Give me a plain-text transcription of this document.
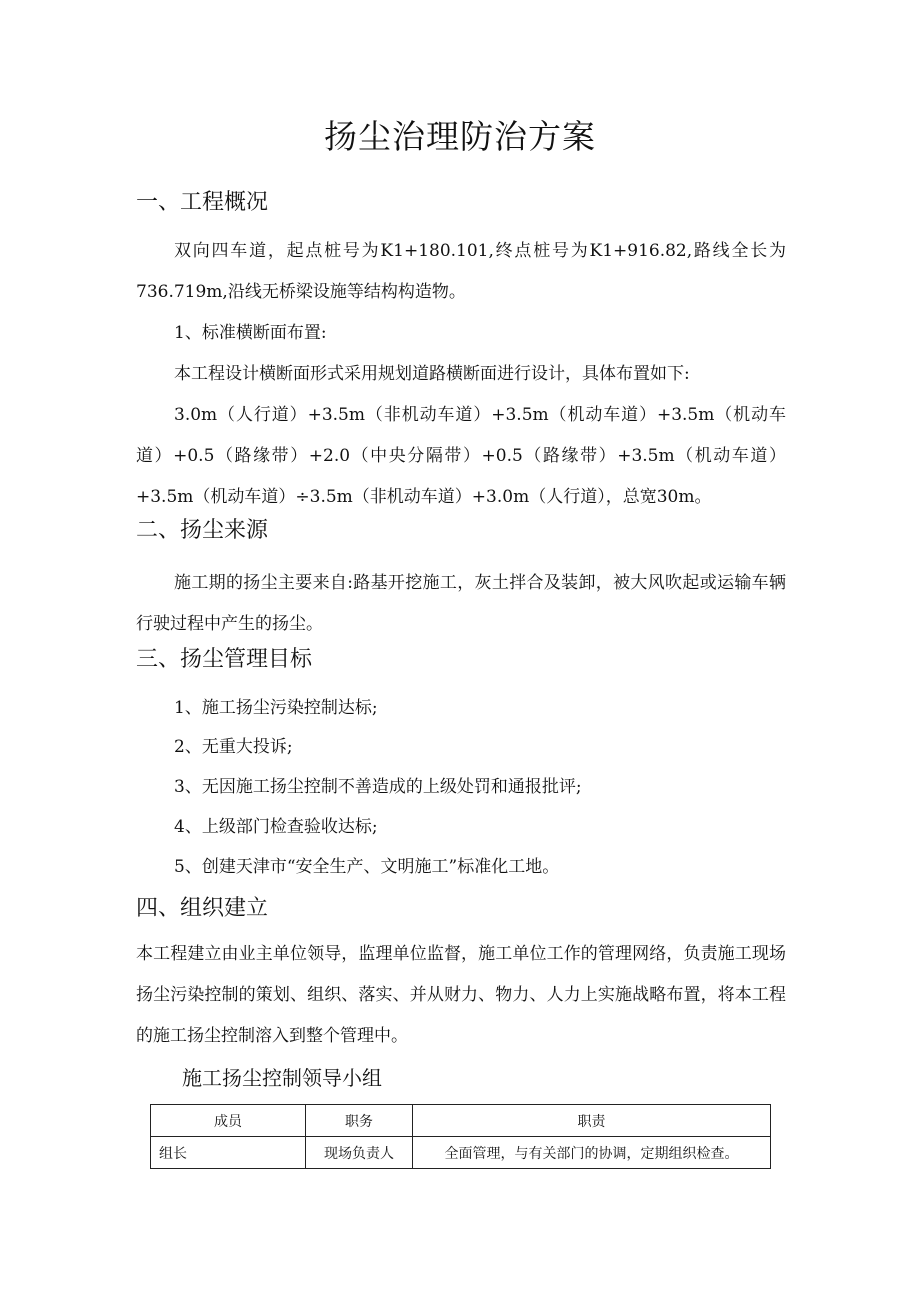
扬尘治理防治方案
一、工程概况
双向四车道，起点桩号为K1+180.101,终点桩号为K1+916.82,路线全长为736.719m,沿线无桥梁设施等结构构造物。
1、标准横断面布置:
本工程设计横断面形式采用规划道路横断面进行设计，具体布置如下:
3.0m（人行道）+3.5m（非机动车道）+3.5m（机动车道）+3.5m（机动车道）+0.5（路缘带）+2.0（中央分隔带）+0.5（路缘带）+3.5m（机动车道）+3.5m（机动车道）÷3.5m（非机动车道）+3.0m（人行道），总宽30m。
二、扬尘来源
施工期的扬尘主要来自:路基开挖施工，灰土拌合及装卸，被大风吹起或运输车辆行驶过程中产生的扬尘。
三、扬尘管理目标
1、施工扬尘污染控制达标;
2、无重大投诉;
3、无因施工扬尘控制不善造成的上级处罚和通报批评;
4、上级部门检查验收达标;
5、创建天津市“安全生产、文明施工”标准化工地。
四、组织建立
本工程建立由业主单位领导，监理单位监督，施工单位工作的管理网络，负责施工现场扬尘污染控制的策划、组织、落实、并从财力、物力、人力上实施战略布置，将本工程的施工扬尘控制溶入到整个管理中。
施工扬尘控制领导小组
成员	职务	职责
组长	现场负责人	全面管理，与有关部门的协调，定期组织检查。
